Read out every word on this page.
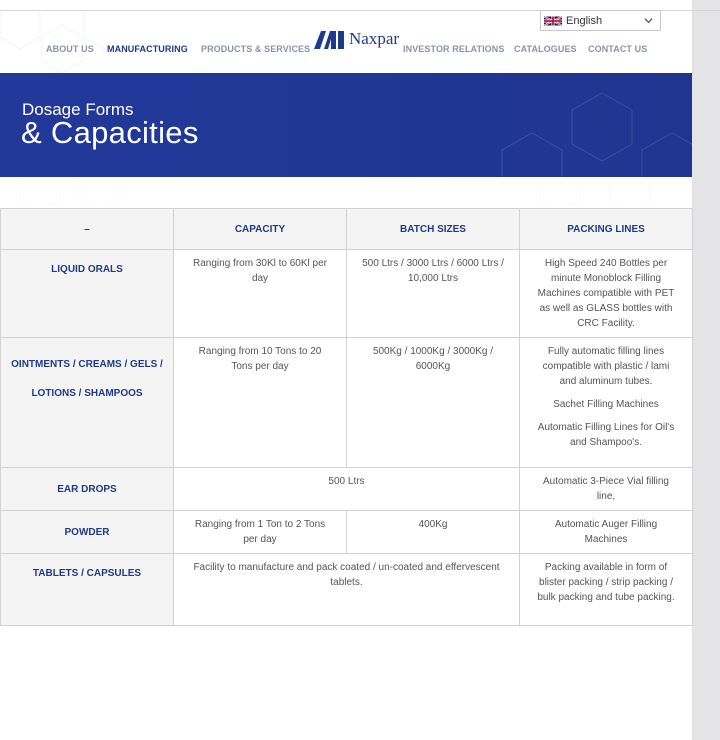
ABOUT US MANUFACTURING PRODUCTS & SERVICES
Naxpar
INVESTOR RELATIONS CATALOGUES CONTACT US
English
Dosage Forms
& Capacities
–	CAPACITY	BATCH SIZES	PACKING LINES
LIQUID ORALS	Ranging from 30Kl to 60Kl per day	500 Ltrs / 3000 Ltrs / 6000 Ltrs / 10,000 Ltrs	High Speed 240 Bottles per minute Monoblock Filling Machines compatible with PET as well as GLASS bottles with CRC Facility.

OINTMENTS / CREAMS / GELS / LOTIONS / SHAMPOOS	Ranging from 10 Tons to 20 Tons per day	500Kg / 1000Kg / 3000Kg / 6000Kg	Fully automatic filling lines compatible with plastic / lami and aluminum tubes.

Sachet Filling Machines

Automatic Filling Lines for Oil's and Shampoo's.

EAR DROPS	500 Ltrs		Automatic 3-Piece Vial filling line,

POWDER	Ranging from 1 Ton to 2 Tons per day	400Kg	Automatic Auger Filling Machines

TABLETS / CAPSULES	Facility to manufacture and pack coated / un-coated and effervescent tablets.		Packing available in form of blister packing / strip packing / bulk packing and tube packing.
